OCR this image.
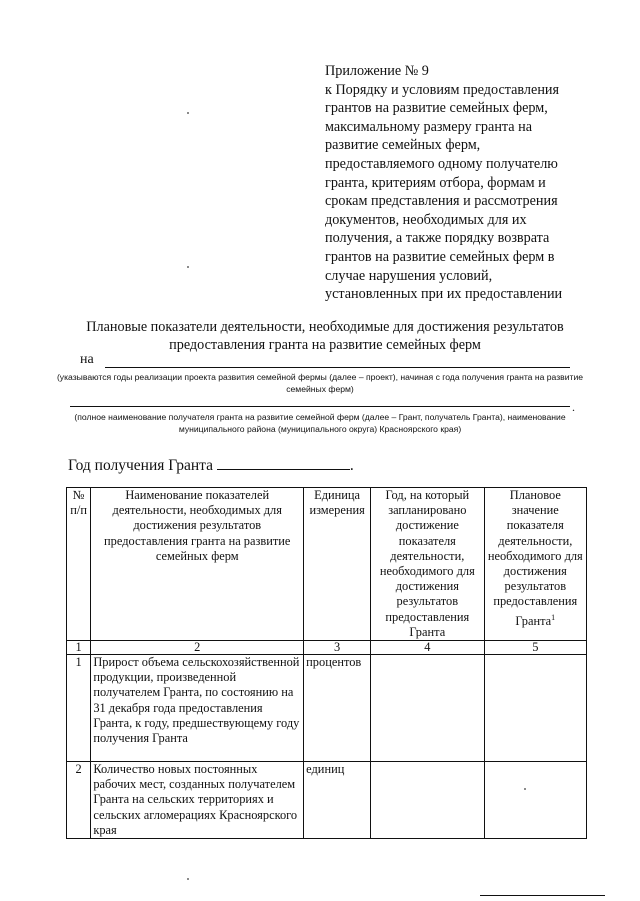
Приложение № 9
к Порядку и условиям предоставления
грантов на развитие семейных ферм,
максимальному размеру гранта на
развитие семейных ферм,
предоставляемого одному получателю
гранта, критериям отбора, формам и
срокам представления и рассмотрения
документов, необходимых для их
получения, а также порядку возврата
грантов на развитие семейных ферм в
случае нарушения условий,
установленных при их предоставлении
Плановые показатели деятельности, необходимые для достижения результатов
предоставления гранта на развитие семейных ферм
на
(указываются годы реализации проекта развития семейной фермы (далее – проект), начиная с года получения гранта на развитие семейных ферм)
.
(полное наименование получателя гранта на развитие семейной ферм (далее – Грант, получатель Гранта), наименование муниципального района (муниципального округа) Красноярского края)
Год получения Гранта	.
№ п/п	Наименование показателей деятельности, необходимых для достижения результатов предоставления гранта на развитие семейных ферм	Единица измерения	Год, на который запланировано достижение показателя деятельности, необходимого для достижения результатов предоставления Гранта	Плановое значение показателя деятельности, необходимого для достижения результатов предоставления Гранта$^1$
1	2	3	4	5
1	Прирост объема сельскохозяйственной продукции, произведенной получателем Гранта, по состоянию на 31 декабря года предоставления Гранта, к году, предшествующему году получения Гранта	процентов		
2	Количество новых постоянных рабочих мест, созданных получателем Гранта на сельских территориях и сельских агломерациях Красноярского края	единиц		
